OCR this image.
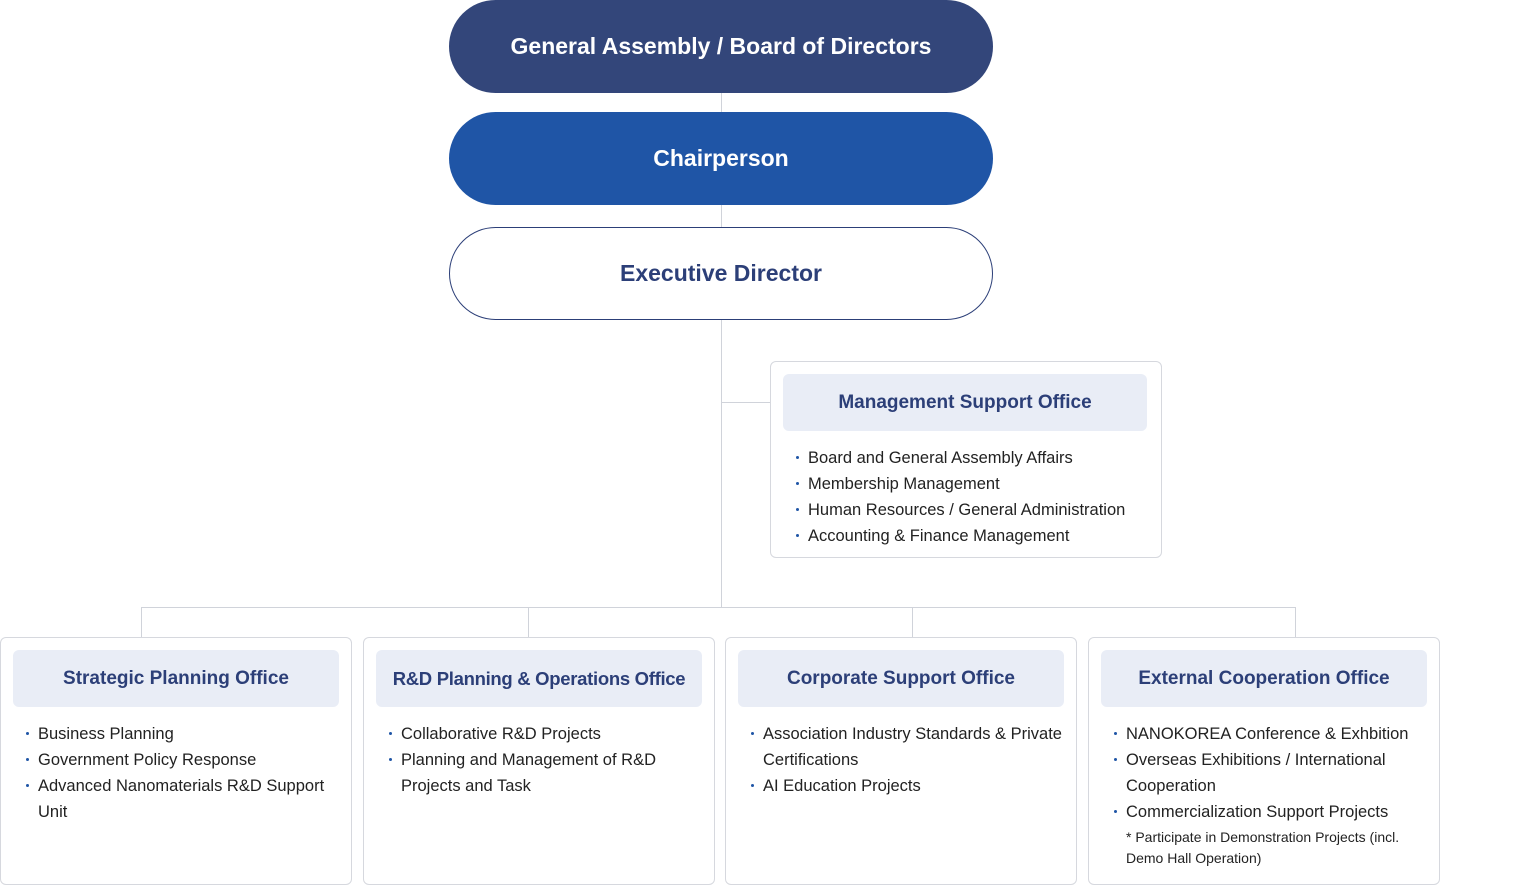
General Assembly / Board of Directors
Chairperson
Executive Director
Management Support Office
Board and General Assembly Affairs
Membership Management
Human Resources / General Administration
Accounting & Finance Management
Strategic Planning Office
Business Planning
Government Policy Response
Advanced Nanomaterials R&D Support Unit
R&D Planning & Operations Office
Collaborative R&D Projects
Planning and Management of R&D Projects and Task
Corporate Support Office
Association Industry Standards & Private Certifications
AI Education Projects
External Cooperation Office
NANOKOREA Conference & Exhbition
Overseas Exhibitions / International Cooperation
Commercialization Support Projects
* Participate in Demonstration Projects (incl. Demo Hall Operation)
